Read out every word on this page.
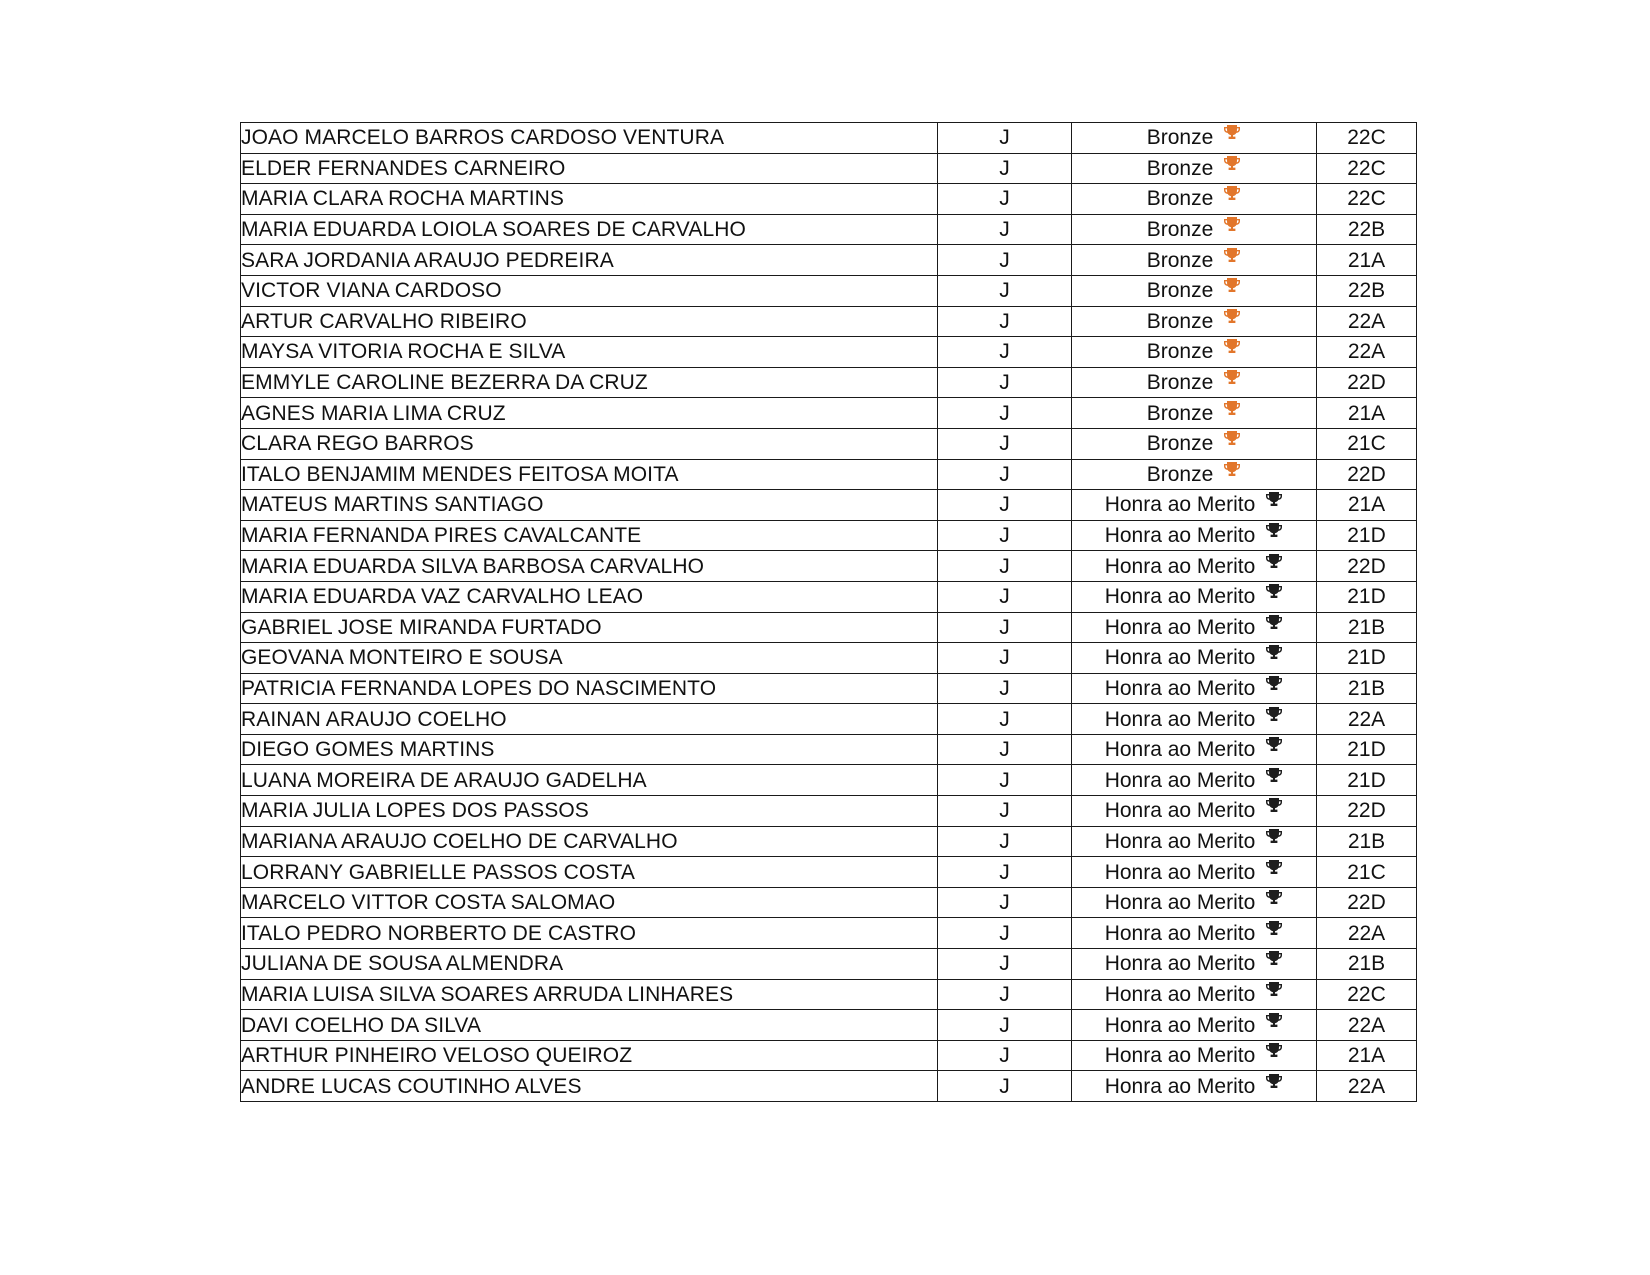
JOAO MARCELO BARROS CARDOSO VENTURA	J	Bronze	22C
ELDER FERNANDES CARNEIRO	J	Bronze	22C
MARIA CLARA ROCHA MARTINS	J	Bronze	22C
MARIA EDUARDA LOIOLA SOARES DE CARVALHO	J	Bronze	22B
SARA JORDANIA ARAUJO PEDREIRA	J	Bronze	21A
VICTOR VIANA CARDOSO	J	Bronze	22B
ARTUR CARVALHO RIBEIRO	J	Bronze	22A
MAYSA VITORIA ROCHA E SILVA	J	Bronze	22A
EMMYLE CAROLINE BEZERRA DA CRUZ	J	Bronze	22D
AGNES MARIA LIMA CRUZ	J	Bronze	21A
CLARA REGO BARROS	J	Bronze	21C
ITALO BENJAMIM MENDES FEITOSA MOITA	J	Bronze	22D
MATEUS MARTINS SANTIAGO	J	Honra ao Merito	21A
MARIA FERNANDA PIRES CAVALCANTE	J	Honra ao Merito	21D
MARIA EDUARDA SILVA BARBOSA CARVALHO	J	Honra ao Merito	22D
MARIA EDUARDA VAZ CARVALHO LEAO	J	Honra ao Merito	21D
GABRIEL JOSE MIRANDA FURTADO	J	Honra ao Merito	21B
GEOVANA MONTEIRO E SOUSA	J	Honra ao Merito	21D
PATRICIA FERNANDA LOPES DO NASCIMENTO	J	Honra ao Merito	21B
RAINAN ARAUJO COELHO	J	Honra ao Merito	22A
DIEGO GOMES MARTINS	J	Honra ao Merito	21D
LUANA MOREIRA DE ARAUJO GADELHA	J	Honra ao Merito	21D
MARIA JULIA LOPES DOS PASSOS	J	Honra ao Merito	22D
MARIANA ARAUJO COELHO DE CARVALHO	J	Honra ao Merito	21B
LORRANY GABRIELLE PASSOS COSTA	J	Honra ao Merito	21C
MARCELO VITTOR COSTA SALOMAO	J	Honra ao Merito	22D
ITALO PEDRO NORBERTO DE CASTRO	J	Honra ao Merito	22A
JULIANA DE SOUSA ALMENDRA	J	Honra ao Merito	21B
MARIA LUISA SILVA SOARES ARRUDA LINHARES	J	Honra ao Merito	22C
DAVI COELHO DA SILVA	J	Honra ao Merito	22A
ARTHUR PINHEIRO VELOSO QUEIROZ	J	Honra ao Merito	21A
ANDRE LUCAS COUTINHO ALVES	J	Honra ao Merito	22A
